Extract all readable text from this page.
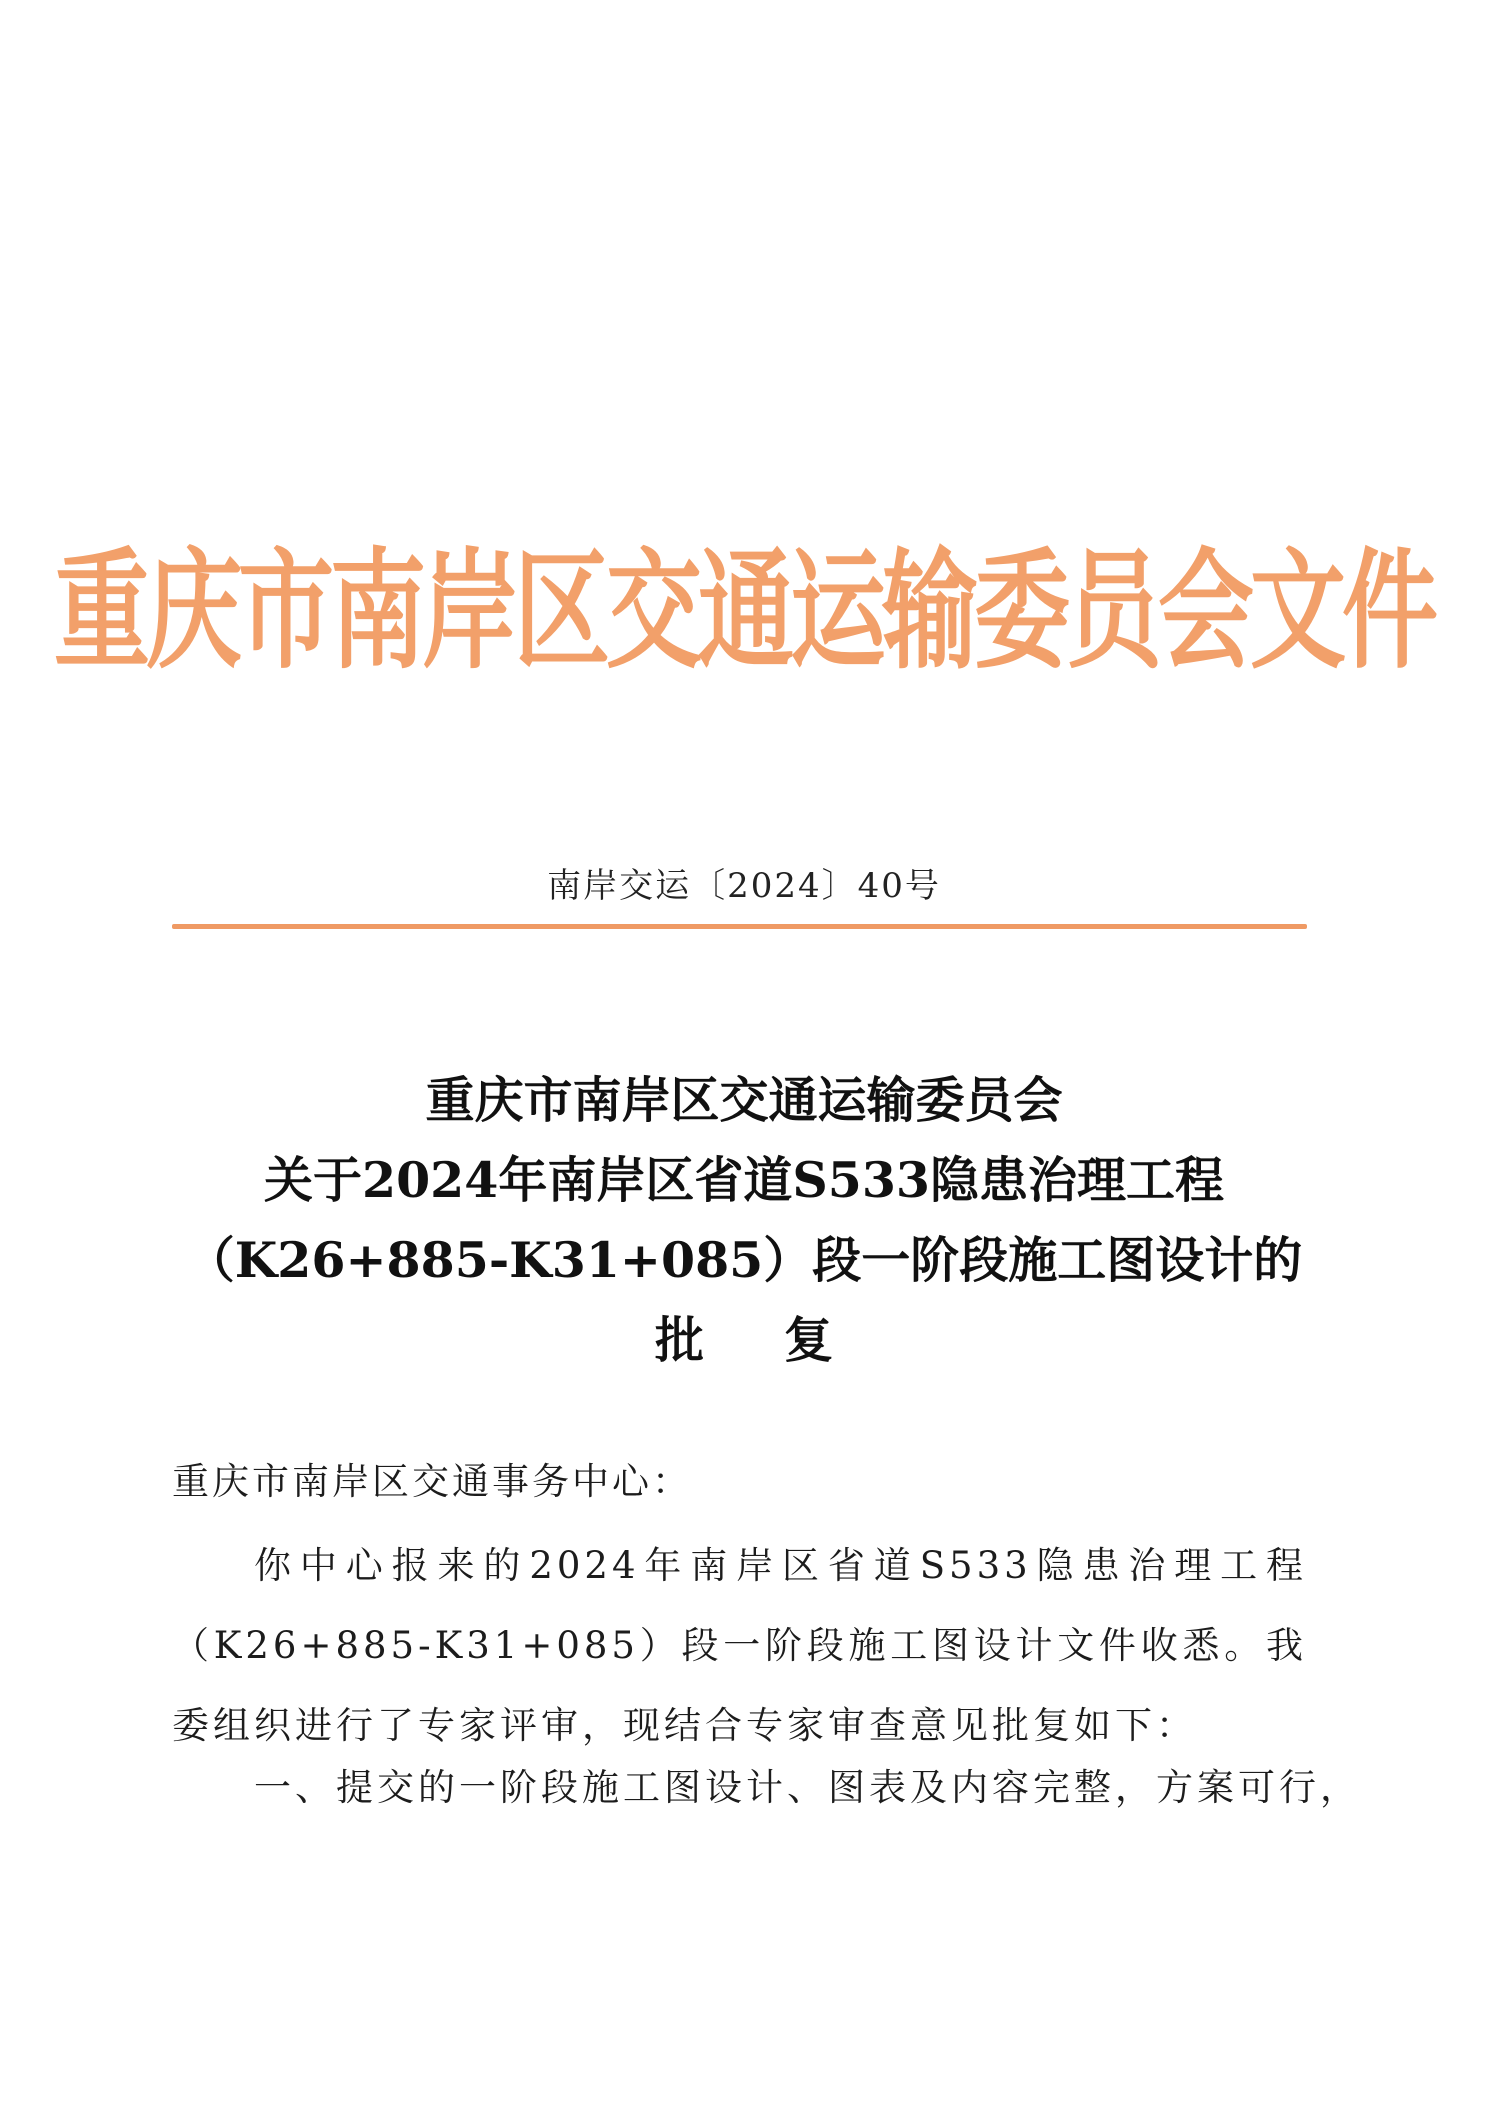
重庆市南岸区交通运输委员会文件
南岸交运〔2024〕40号
重庆市南岸区交通运输委员会
关于2024年南岸区省道S533隐患治理工程
（K26+885-K31+085）段一阶段施工图设计的
批复
重庆市南岸区交通事务中心：
你中心报来的2024年南岸区省道S533隐患治理工程（K26+885-K31+085）段一阶段施工图设计文件收悉。我委组织进行了专家评审，现结合专家审查意见批复如下：
一、提交的一阶段施工图设计、图表及内容完整，方案可行，
